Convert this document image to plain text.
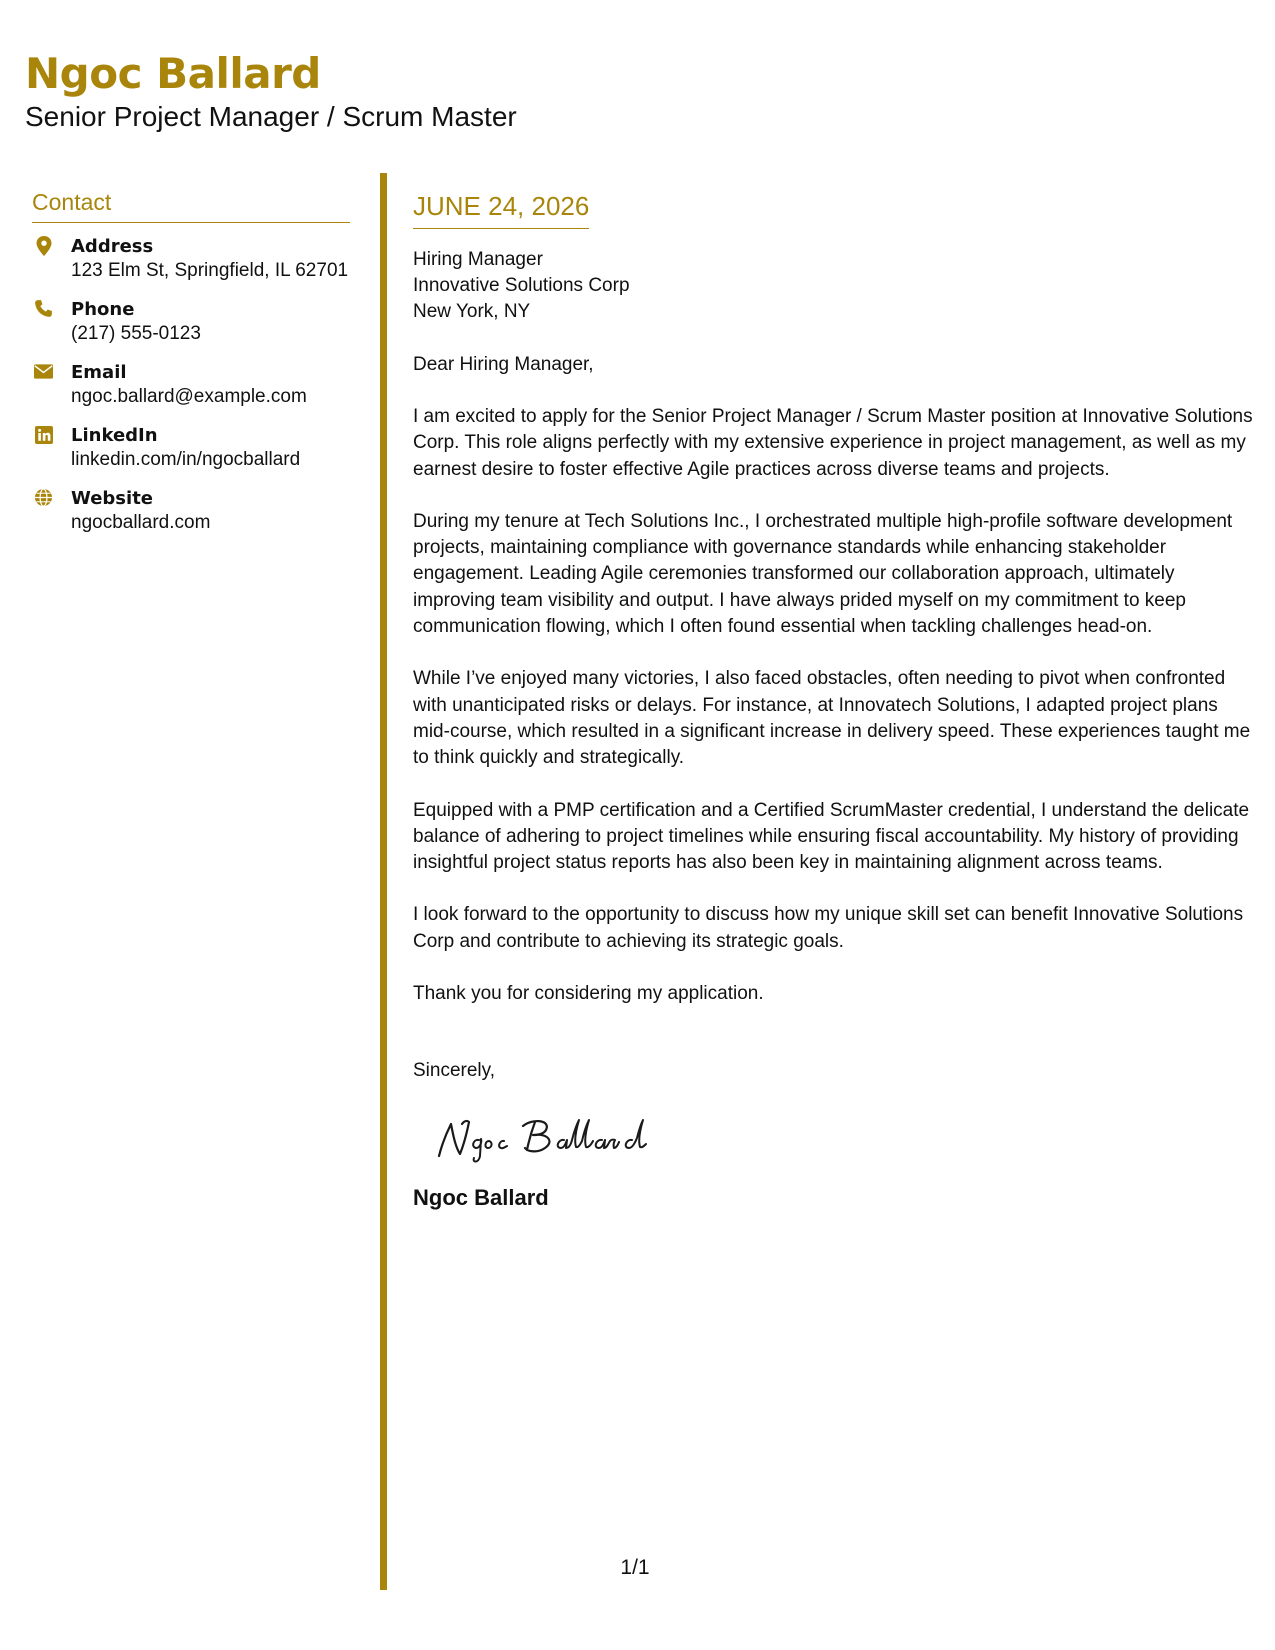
Ngoc Ballard
Senior Project Manager / Scrum Master
Contact
Address
123 Elm St, Springfield, IL 62701
Phone
(217) 555-0123
Email
ngoc.ballard@example.com
LinkedIn
linkedin.com/in/ngocballard
Website
ngocballard.com
JUNE 24, 2026
Hiring Manager
Innovative Solutions Corp
New York, NY
Dear Hiring Manager,
I am excited to apply for the Senior Project Manager / Scrum Master position at Innovative Solutions Corp. This role aligns perfectly with my extensive experience in project management, as well as my earnest desire to foster effective Agile practices across diverse teams and projects.
During my tenure at Tech Solutions Inc., I orchestrated multiple high-profile software development projects, maintaining compliance with governance standards while enhancing stakeholder engagement. Leading Agile ceremonies transformed our collaboration approach, ultimately improving team visibility and output. I have always prided myself on my commitment to keep communication flowing, which I often found essential when tackling challenges head-on.
While I’ve enjoyed many victories, I also faced obstacles, often needing to pivot when confronted with unanticipated risks or delays. For instance, at Innovatech Solutions, I adapted project plans mid-course, which resulted in a significant increase in delivery speed. These experiences taught me to think quickly and strategically.
Equipped with a PMP certification and a Certified ScrumMaster credential, I understand the delicate balance of adhering to project timelines while ensuring fiscal accountability. My history of providing insightful project status reports has also been key in maintaining alignment across teams.
I look forward to the opportunity to discuss how my unique skill set can benefit Innovative Solutions Corp and contribute to achieving its strategic goals.
Thank you for considering my application.
Sincerely,
Ngoc Ballard
1/1
